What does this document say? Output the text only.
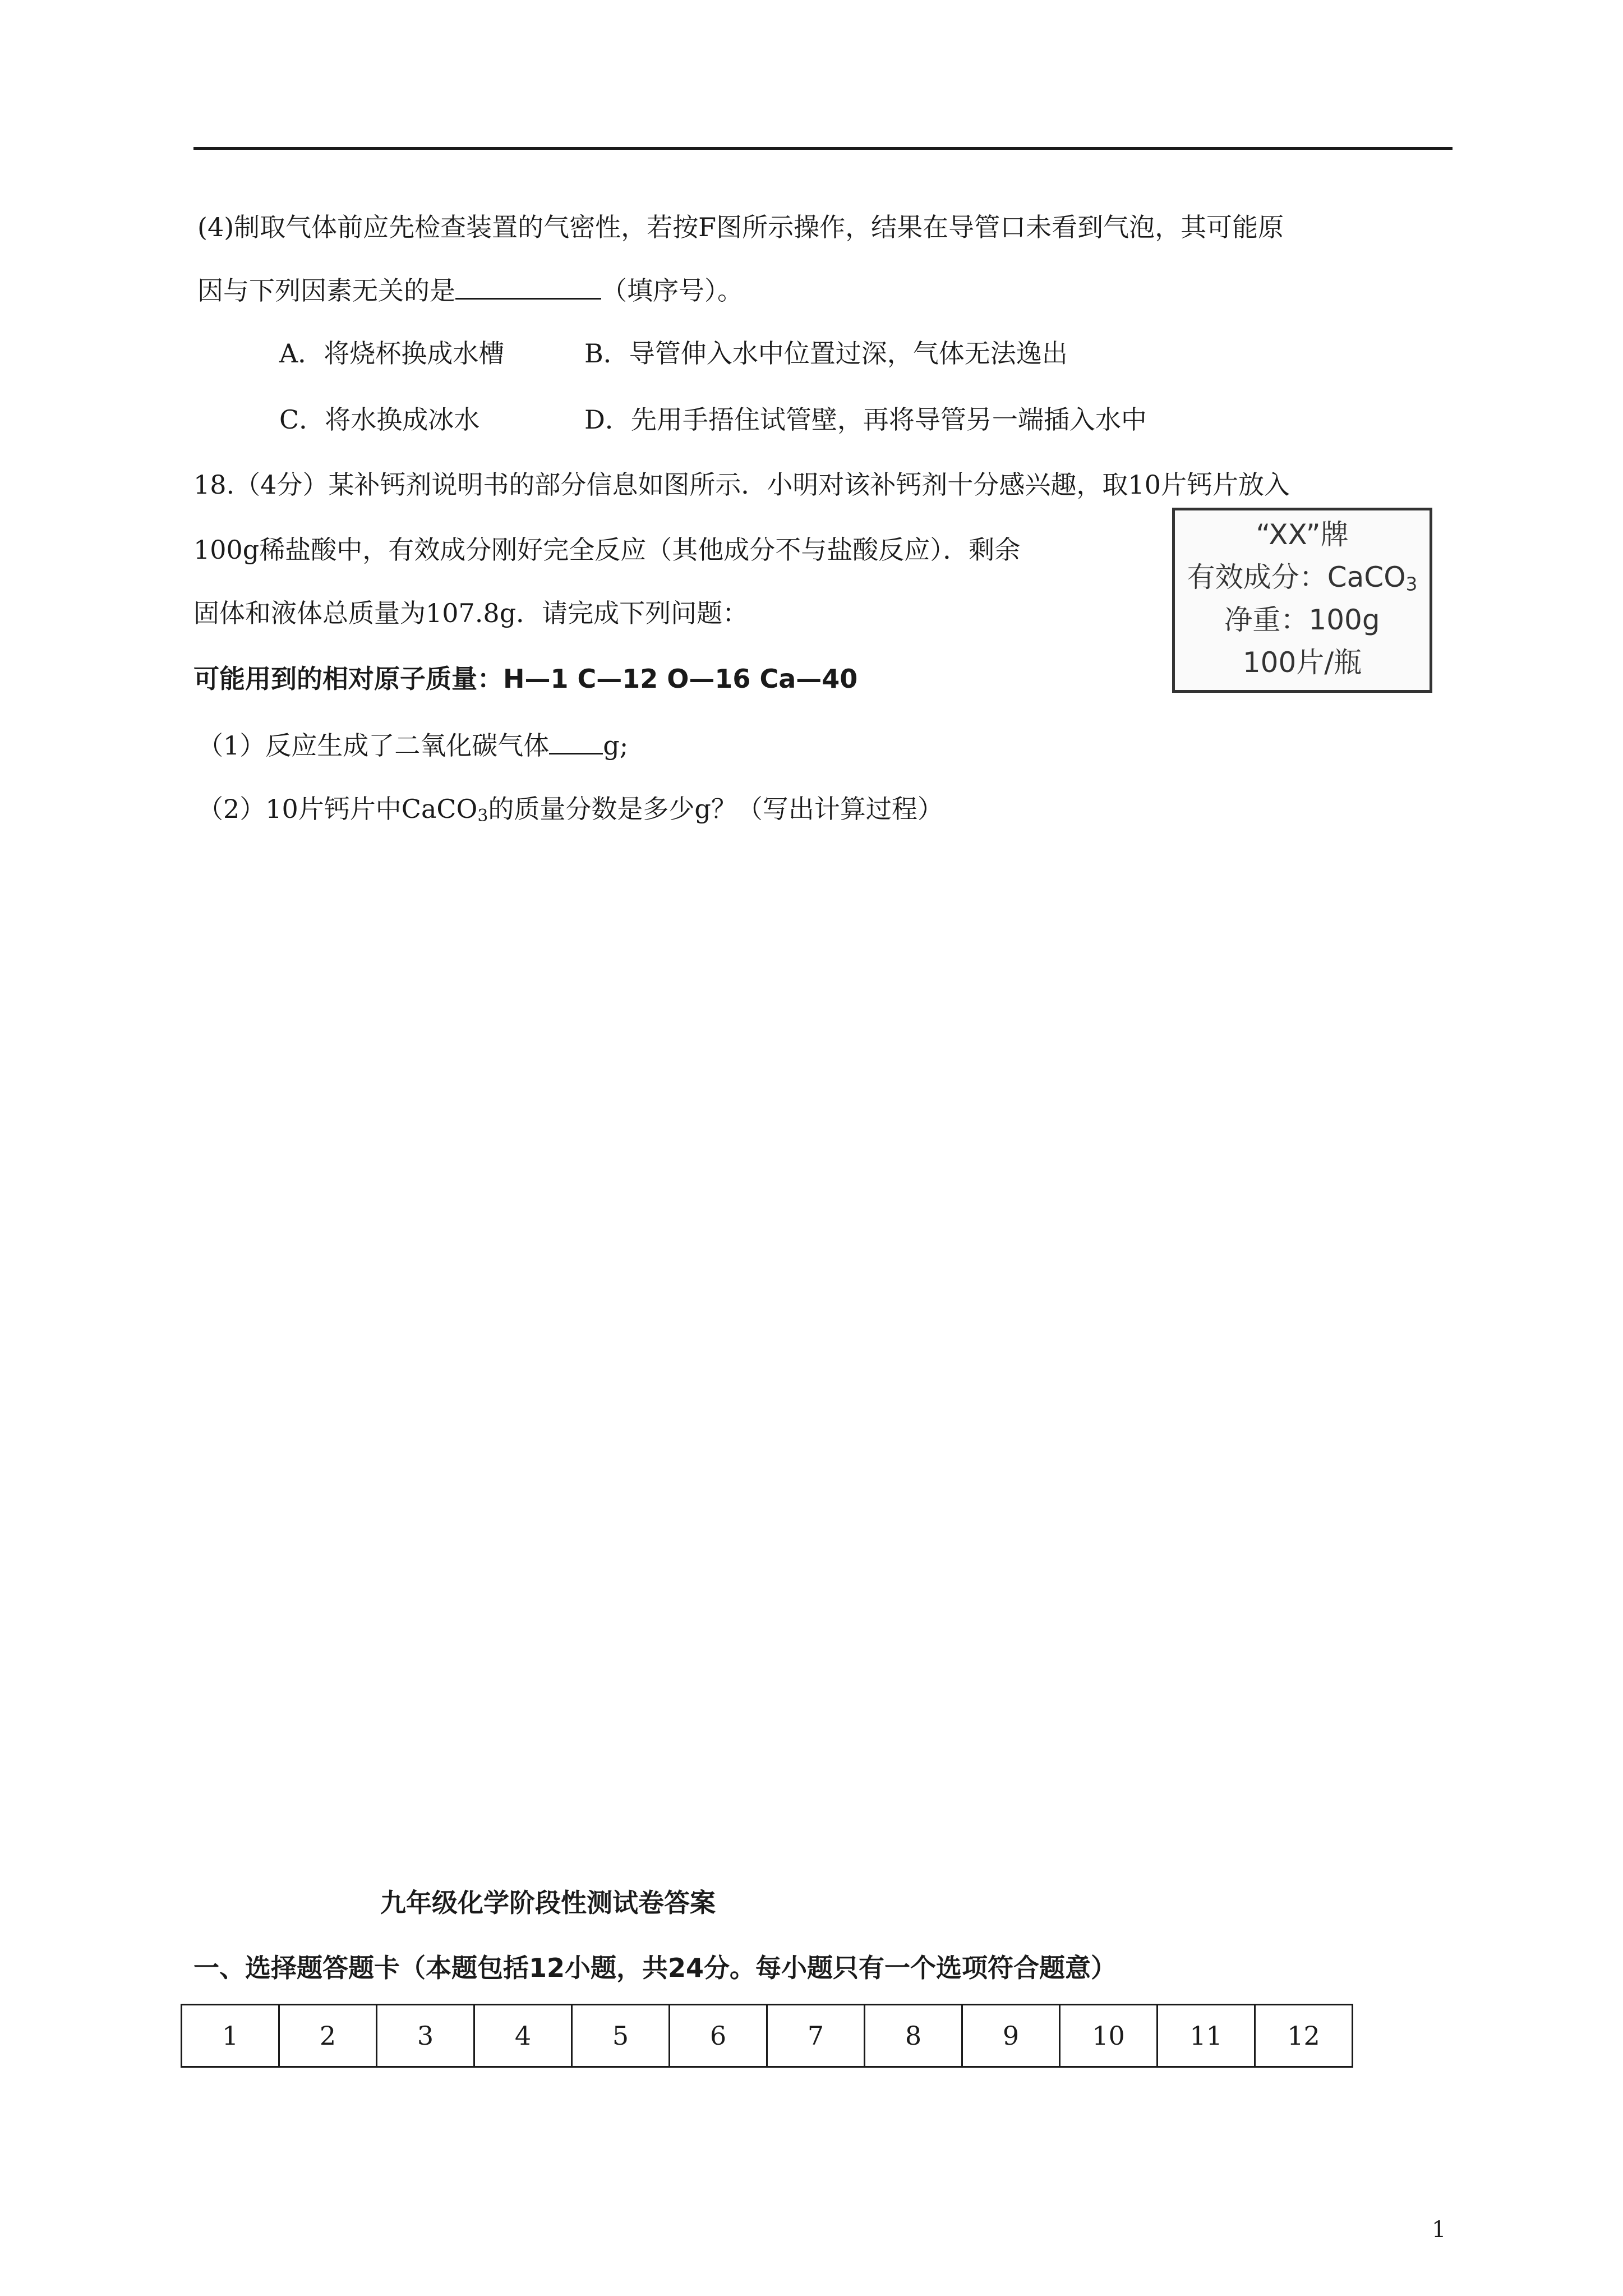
(4)制取气体前应先检查装置的气密性，若按F图所示操作，结果在导管口未看到气泡，其可能原
因与下列因素无关的是	（填序号）。
A．将烧杯换成水槽	B．导管伸入水中位置过深，气体无法逸出
C．将水换成冰水	D．先用手捂住试管壁，再将导管另一端插入水中
18.（4分）某补钙剂说明书的部分信息如图所示．小明对该补钙剂十分感兴趣，取10片钙片放入
100g稀盐酸中，有效成分刚好完全反应（其他成分不与盐酸反应）．剩余
固体和液体总质量为107.8g．请完成下列问题：
可能用到的相对原子质量：H—1 C—12 O—16 Ca—40
（1）反应生成了二氧化碳气体 g;
（2）10片钙片中CaCO$_3$的质量分数是多少g？（写出计算过程）
“XX”牌
有效成分：CaCO$_3$
净重：100g
100片/瓶
九年级化学阶段性测试卷答案
一、选择题答题卡（本题包括12小题，共24分。每小题只有一个选项符合题意）
1	2	3	4	5	6	7	8	9	10	11	12
1
